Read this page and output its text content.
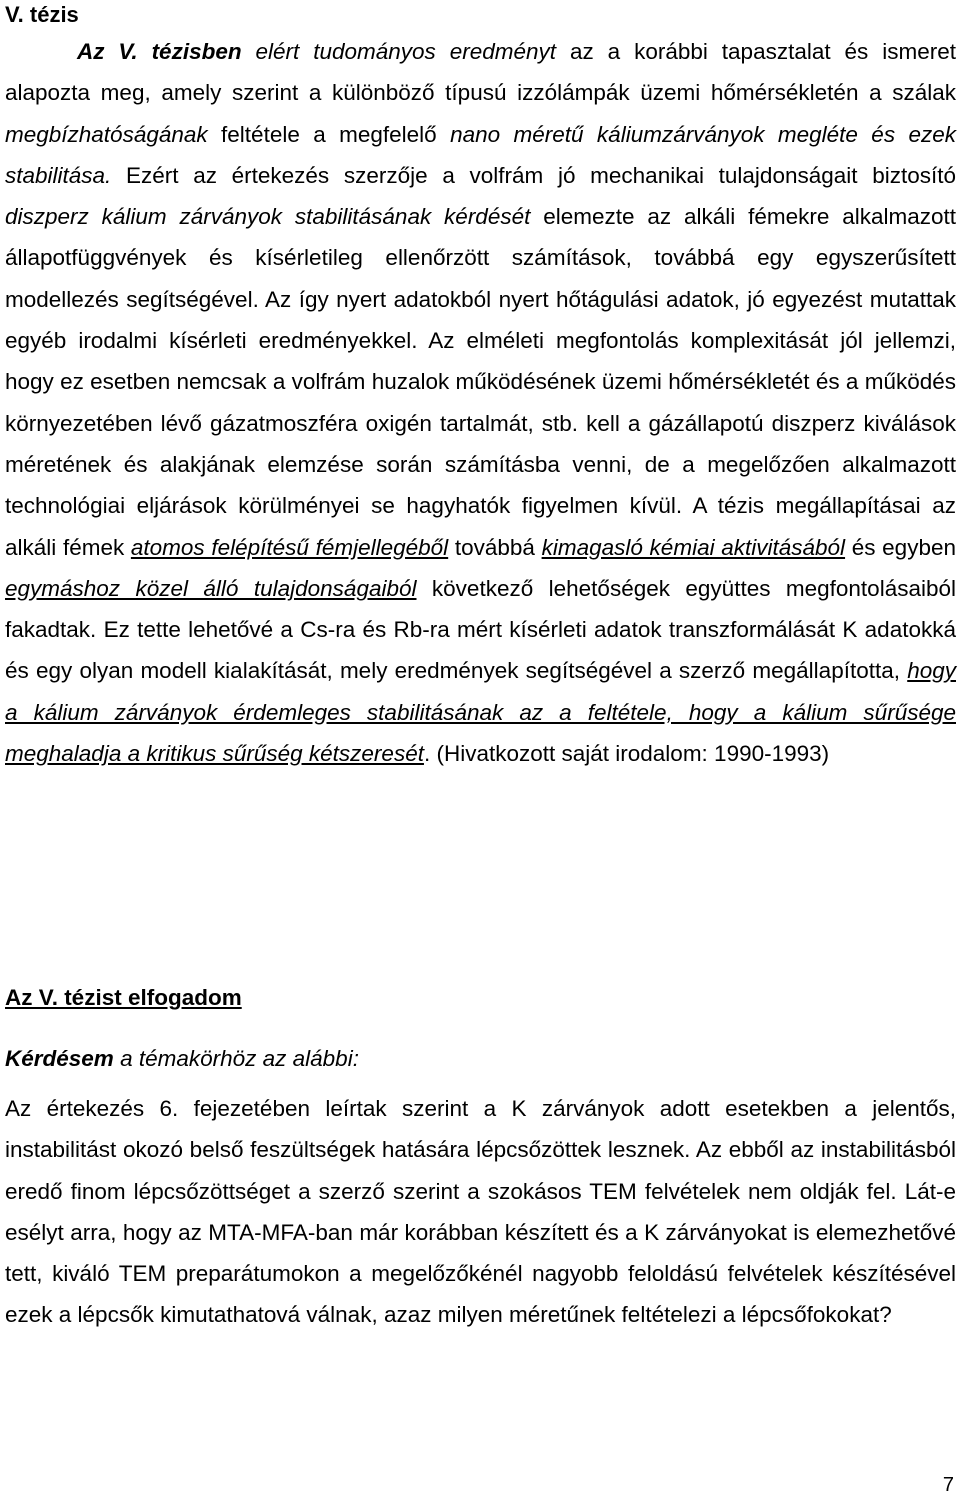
V. tézis

Az V. tézisben elért tudományos eredményt az a korábbi tapasztalat és ismeret alapozta meg, amely szerint a különböző típusú izzólámpák üzemi hőmérsékletén a szálak megbízhatóságának feltétele a megfelelő nano méretű káliumzárványok megléte és ezek stabilitása. Ezért az értekezés szerzője a volfrám jó mechanikai tulajdonságait biztosító diszperz kálium zárványok stabilitásának kérdését elemezte az alkáli fémekre alkalmazott állapotfüggvények és kísérletileg ellenőrzött számítások, továbbá egy egyszerűsített modellezés segítségével. Az így nyert adatokból nyert hőtágulási adatok, jó egyezést mutattak egyéb irodalmi kísérleti eredményekkel. Az elméleti megfontolás komplexitását jól jellemzi, hogy ez esetben nemcsak a volfrám huzalok működésének üzemi hőmérsékletét és a működés környezetében lévő gázatmoszféra oxigén tartalmát, stb. kell a gázállapotú diszperz kiválások méretének és alakjának elemzése során számításba venni, de a megelőzően alkalmazott technológiai eljárások körülményei se hagyhatók figyelmen kívül. A tézis megállapításai az alkáli fémek atomos felépítésű fémjellegéből továbbá kimagasló kémiai aktivitásából és egyben egymáshoz közel álló tulajdonságaiból következő lehetőségek együttes megfontolásaiból fakadtak. Ez tette lehetővé a Cs-ra és Rb-ra mért kísérleti adatok transzformálását K adatokká és egy olyan modell kialakítását, mely eredmények segítségével a szerző megállapította, hogy a kálium zárványok érdemleges stabilitásának az a feltétele, hogy a kálium sűrűsége meghaladja a kritikus sűrűség kétszeresét. (Hivatkozott saját irodalom: 1990-1993)

Az V. tézist elfogadom

Kérdésem a témakörhöz az alábbi:

Az értekezés 6. fejezetében leírtak szerint a K zárványok adott esetekben a jelentős, instabilitást okozó belső feszültségek hatására lépcsőzöttek lesznek. Az ebből az instabilitásból eredő finom lépcsőzöttséget a szerző szerint a szokásos TEM felvételek nem oldják fel. Lát-e esélyt arra, hogy az MTA-MFA-ban már korábban készített és a K zárványokat is elemezhetővé tett, kiváló TEM preparátumokon a megelőzőkénél nagyobb feloldású felvételek készítésével ezek a lépcsők kimutathatová válnak, azaz milyen méretűnek feltételezi a lépcsőfokokat?

7
